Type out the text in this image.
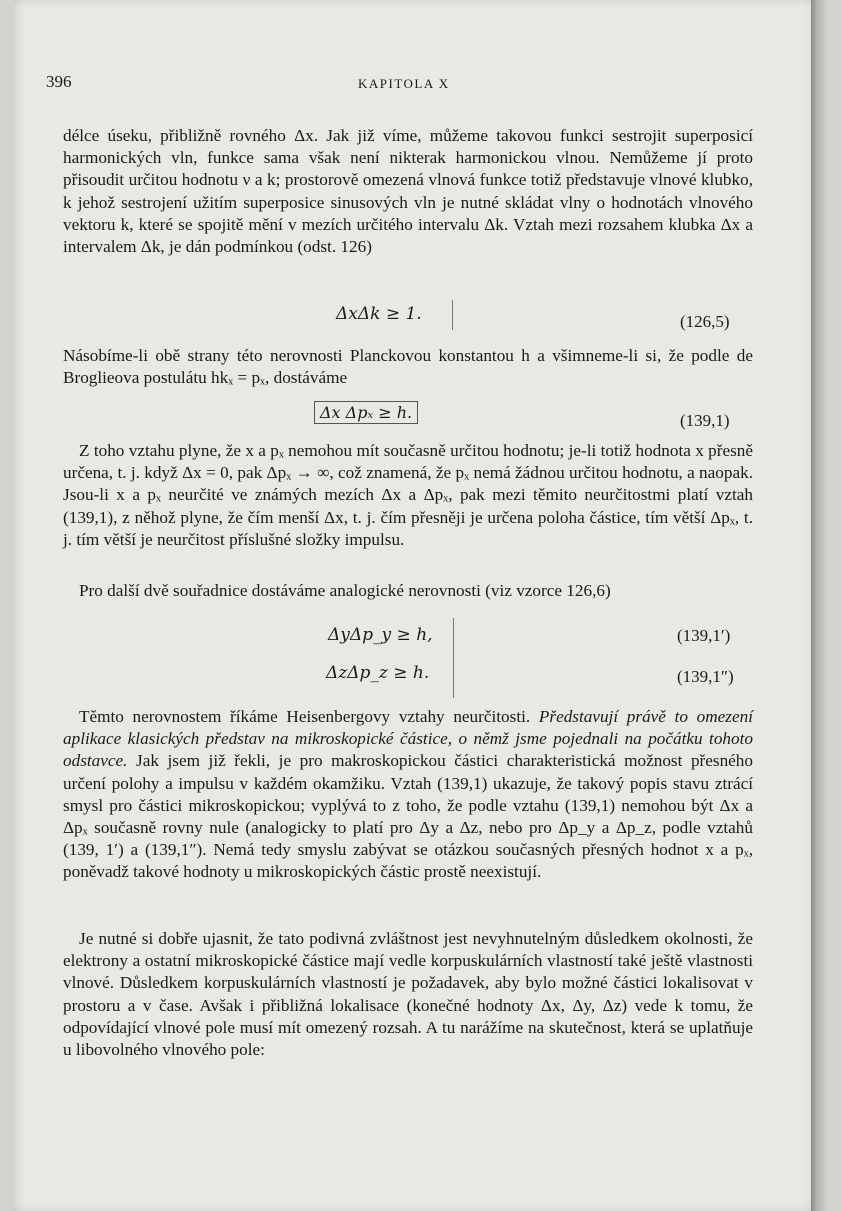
396	KAPITOLA X
délce úseku, přibližně rovného Δx. Jak již víme, můžeme takovou funkci sestrojit superposicí harmonických vln, funkce sama však není nikterak harmonickou vlnou. Nemůžeme jí proto přisoudit určitou hodnotu ν a k; prostorově omezená vlnová funkce totiž představuje vlnové klubko, k jehož sestrojení užitím superposice sinusových vln je nutné skládat vlny o hodnotách vlnového vektoru k, které se spojitě mění v mezích určitého intervalu Δk. Vztah mezi rozsahem klubka Δx a intervalem Δk, je dán podmínkou (odst. 126)
ΔxΔk ≥ 1.	(126,5)
Násobíme-li obě strany této nerovnosti Planckovou konstantou h a všimneme-li si, že podle de Broglieova postulátu hkₓ = pₓ, dostáváme
Δx Δpₓ ≥ h.	(139,1)
Z toho vztahu plyne, že x a pₓ nemohou mít současně určitou hodnotu; je-li totiž hodnota x přesně určena, t. j. když Δx = 0, pak Δpₓ → ∞, což znamená, že pₓ nemá žádnou určitou hodnotu, a naopak. Jsou-li x a pₓ neurčité ve známých mezích Δx a Δpₓ, pak mezi těmito neurčitostmi platí vztah (139,1), z něhož plyne, že čím menší Δx, t. j. čím přesněji je určena poloha částice, tím větší Δpₓ, t. j. tím větší je neurčitost příslušné složky impulsu.
Pro další dvě souřadnice dostáváme analogické nerovnosti (viz vzorce 126,6)
ΔyΔp_y ≥ h,	(139,1′)
ΔzΔp_z ≥ h.	(139,1″)
Těmto nerovnostem říkáme Heisenbergovy vztahy neurčitosti. Představují právě to omezení aplikace klasických představ na mikroskopické částice, o němž jsme pojednali na počátku tohoto odstavce. Jak jsem již řekli, je pro makroskopickou částici charakteristická možnost přesného určení polohy a impulsu v každém okamžiku. Vztah (139,1) ukazuje, že takový popis stavu ztrácí smysl pro částici mikroskopickou; vyplývá to z toho, že podle vztahu (139,1) nemohou být Δx a Δpₓ současně rovny nule (analogicky to platí pro Δy a Δz, nebo pro Δp_y a Δp_z, podle vztahů (139, 1′) a (139,1″). Nemá tedy smyslu zabývat se otázkou současných přesných hodnot x a pₓ, poněvadž takové hodnoty u mikroskopických částic prostě neexistují.
Je nutné si dobře ujasnit, že tato podivná zvláštnost jest nevyhnutelným důsledkem okolnosti, že elektrony a ostatní mikroskopické částice mají vedle korpuskulárních vlastností také ještě vlastnosti vlnové. Důsledkem korpuskulárních vlastností je požadavek, aby bylo možné částici lokalisovat v prostoru a v čase. Avšak i přibližná lokalisace (konečné hodnoty Δx, Δy, Δz) vede k tomu, že odpovídající vlnové pole musí mít omezený rozsah. A tu narážíme na skutečnost, která se uplatňuje u libovolného vlnového pole:
